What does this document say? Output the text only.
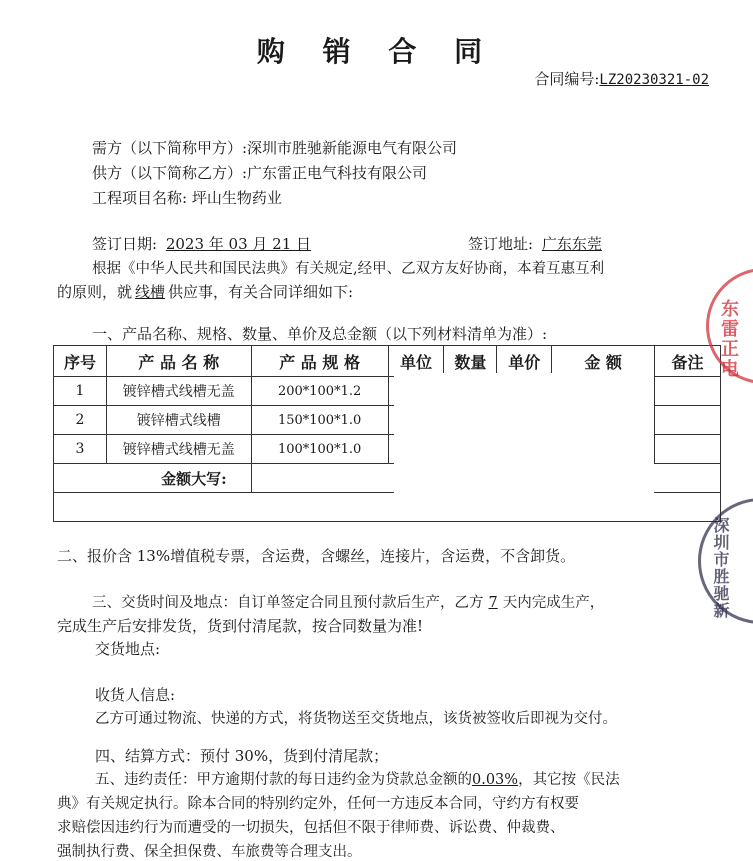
购 销 合 同
合同编号:LZ20230321-02
需方（以下简称甲方）:深圳市胜驰新能源电气有限公司
供方（以下简称乙方）:广东雷正电气科技有限公司
工程项目名称: 坪山生物药业
签订日期: 2023 年 03 月 21 日	签订地址: 广东东莞
根据《中华人民共和国民法典》有关规定,经甲、乙双方友好协商，本着互惠互利
的原则，就 线槽 供应事，有关合同详细如下:
一、产品名称、规格、数量、单价及总金额（以下列材料清单为准）:
序号	产 品 名 称	产 品 规 格	单位	数量	单价	金 额	备注
1	镀锌槽式线槽无盖	200*100*1.2					
2	镀锌槽式线槽	150*100*1.0					
3	镀锌槽式线槽无盖	100*100*1.0					
金额大写:							

东雷正电
深圳市胜驰新
二、报价含 13%增值税专票，含运费，含螺丝，连接片，含运费，不含卸货。
三、交货时间及地点：自订单签定合同且预付款后生产，乙方 7 天内完成生产，
完成生产后安排发货，货到付清尾款，按合同数量为准!
交货地点:
收货人信息:
乙方可通过物流、快递的方式，将货物送至交货地点，该货被签收后即视为交付。
四、结算方式：预付 30%，货到付清尾款；
五、违约责任：甲方逾期付款的每日违约金为贷款总金额的0.03%，其它按《民法
典》有关规定执行。除本合同的特别约定外，任何一方违反本合同，守约方有权要
求赔偿因违约行为而遭受的一切损失，包括但不限于律师费、诉讼费、仲裁费、
强制执行费、保全担保费、车旅费等合理支出。
